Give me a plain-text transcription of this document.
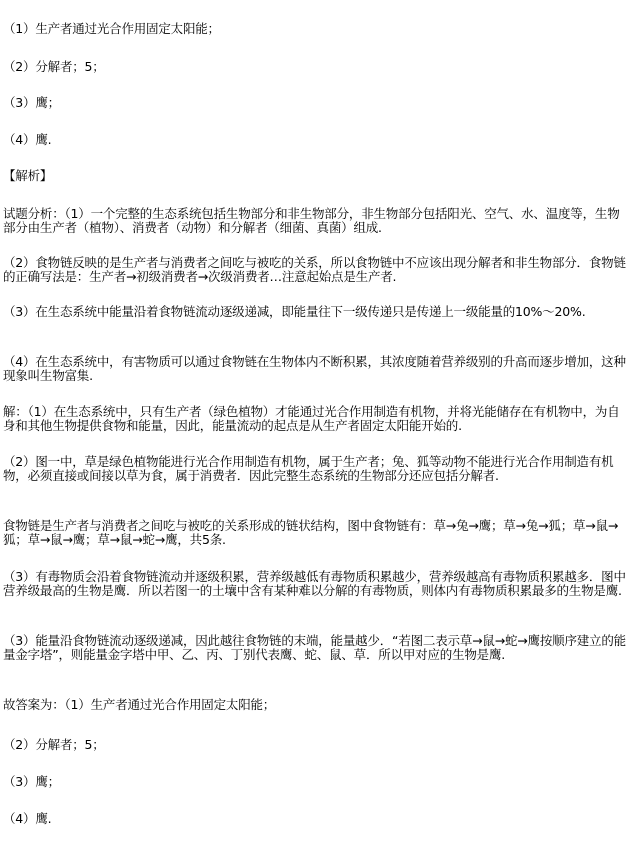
（1）生产者通过光合作用固定太阳能；
（2）分解者；5；
（3）鹰；
（4）鹰.
【解析】
试题分析：（1）一个完整的生态系统包括生物部分和非生物部分，非生物部分包括阳光、空气、水、温度等，生物部分由生产者（植物）、消费者（动物）和分解者（细菌、真菌）组成.
（2）食物链反映的是生产者与消费者之间吃与被吃的关系，所以食物链中不应该出现分解者和非生物部分．食物链的正确写法是：生产者→初级消费者→次级消费者…注意起始点是生产者.
（3）在生态系统中能量沿着食物链流动逐级递减，即能量往下一级传递只是传递上一级能量的10%～20%.
（4）在生态系统中，有害物质可以通过食物链在生物体内不断积累，其浓度随着营养级别的升高而逐步增加，这种现象叫生物富集.
解：（1）在生态系统中，只有生产者（绿色植物）才能通过光合作用制造有机物，并将光能储存在有机物中，为自身和其他生物提供食物和能量，因此，能量流动的起点是从生产者固定太阳能开始的.
（2）图一中，草是绿色植物能进行光合作用制造有机物，属于生产者；兔、狐等动物不能进行光合作用制造有机物，必须直接或间接以草为食，属于消费者．因此完整生态系统的生物部分还应包括分解者.
食物链是生产者与消费者之间吃与被吃的关系形成的链状结构，图中食物链有：草→兔→鹰；草→兔→狐；草→鼠→狐；草→鼠→鹰；草→鼠→蛇→鹰，共5条.
（3）有毒物质会沿着食物链流动并逐级积累，营养级越低有毒物质积累越少，营养级越高有毒物质积累越多．图中营养级最高的生物是鹰．所以若图一的土壤中含有某种难以分解的有毒物质，则体内有毒物质积累最多的生物是鹰.
（3）能量沿食物链流动逐级递减，因此越往食物链的末端，能量越少．“若图二表示草→鼠→蛇→鹰按顺序建立的能量金字塔”，则能量金字塔中甲、乙、丙、丁别代表鹰、蛇、鼠、草．所以甲对应的生物是鹰.
故答案为：（1）生产者通过光合作用固定太阳能；
（2）分解者；5；
（3）鹰；
（4）鹰.
